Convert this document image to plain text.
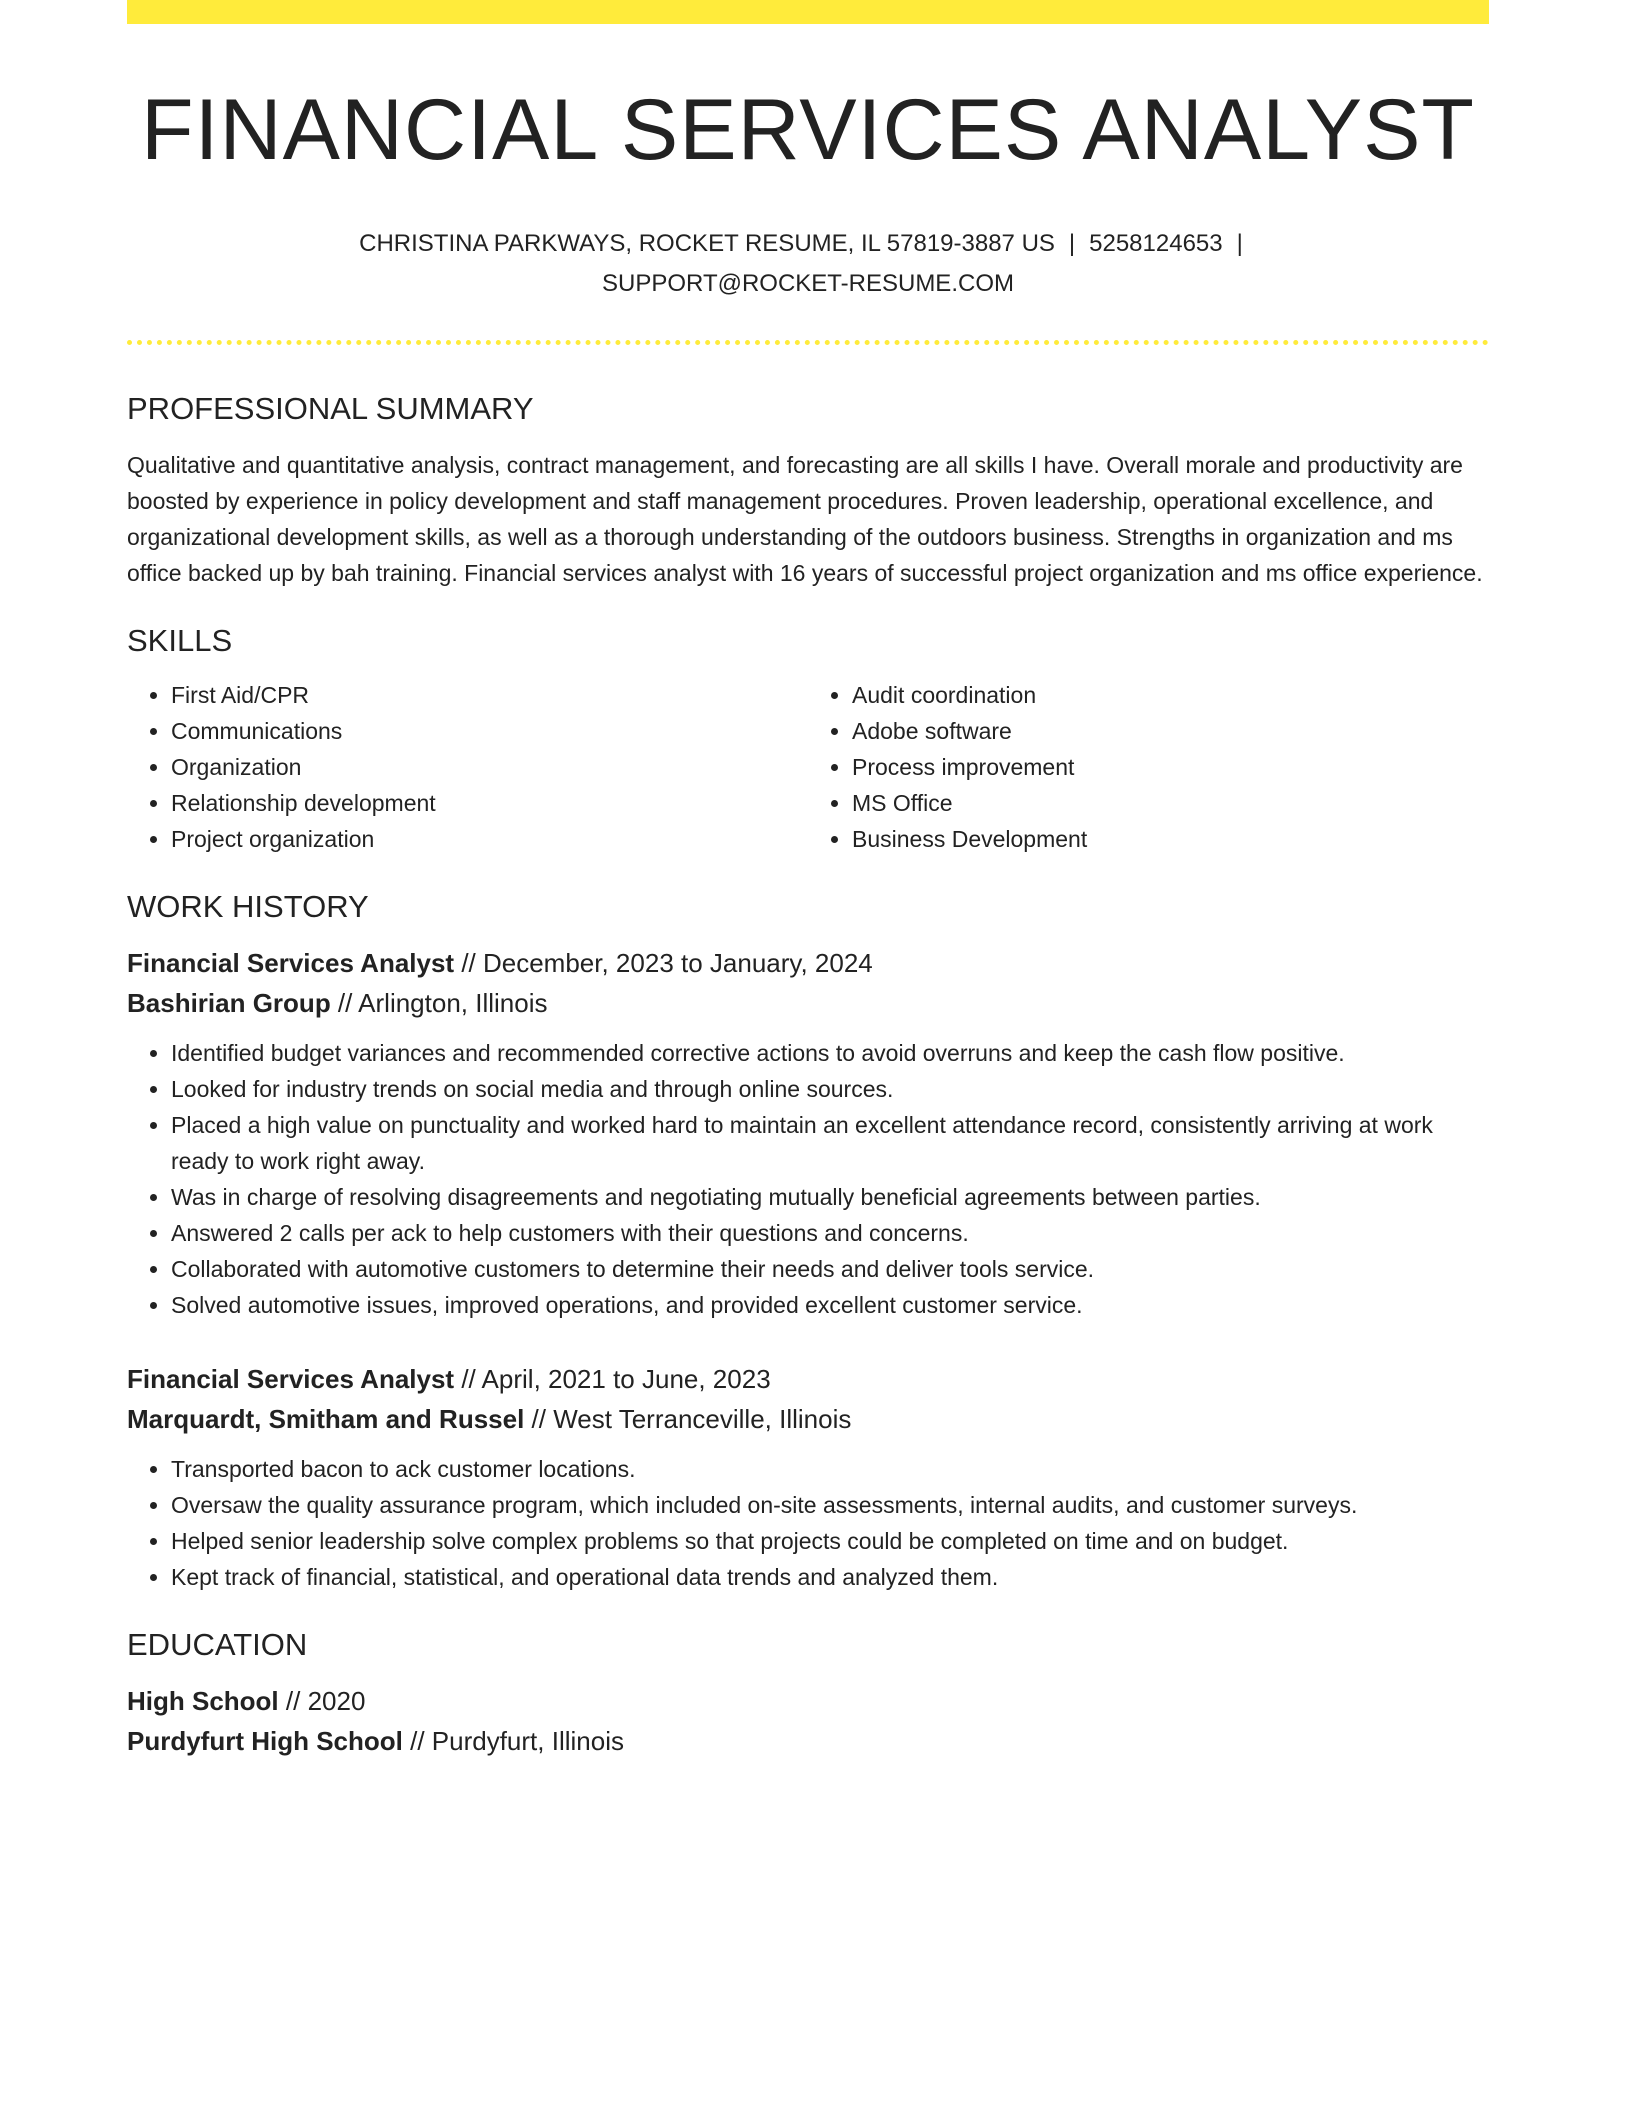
FINANCIAL SERVICES ANALYST
CHRISTINA PARKWAYS, ROCKET RESUME, IL 57819-3887 US | 5258124653 |
SUPPORT@ROCKET-RESUME.COM
PROFESSIONAL SUMMARY
Qualitative and quantitative analysis, contract management, and forecasting are all skills I have. Overall morale and productivity are boosted by experience in policy development and staff management procedures. Proven leadership, operational excellence, and organizational development skills, as well as a thorough understanding of the outdoors business. Strengths in organization and ms office backed up by bah training. Financial services analyst with 16 years of successful project organization and ms office experience.
SKILLS
• First Aid/CPR
• Communications
• Organization
• Relationship development
• Project organization
• Audit coordination
• Adobe software
• Process improvement
• MS Office
• Business Development
WORK HISTORY
Financial Services Analyst // December, 2023 to January, 2024
Bashirian Group // Arlington, Illinois
• Identified budget variances and recommended corrective actions to avoid overruns and keep the cash flow positive.
• Looked for industry trends on social media and through online sources.
• Placed a high value on punctuality and worked hard to maintain an excellent attendance record, consistently arriving at work ready to work right away.
• Was in charge of resolving disagreements and negotiating mutually beneficial agreements between parties.
• Answered 2 calls per ack to help customers with their questions and concerns.
• Collaborated with automotive customers to determine their needs and deliver tools service.
• Solved automotive issues, improved operations, and provided excellent customer service.
Financial Services Analyst // April, 2021 to June, 2023
Marquardt, Smitham and Russel // West Terranceville, Illinois
• Transported bacon to ack customer locations.
• Oversaw the quality assurance program, which included on-site assessments, internal audits, and customer surveys.
• Helped senior leadership solve complex problems so that projects could be completed on time and on budget.
• Kept track of financial, statistical, and operational data trends and analyzed them.
EDUCATION
High School // 2020
Purdyfurt High School // Purdyfurt, Illinois
